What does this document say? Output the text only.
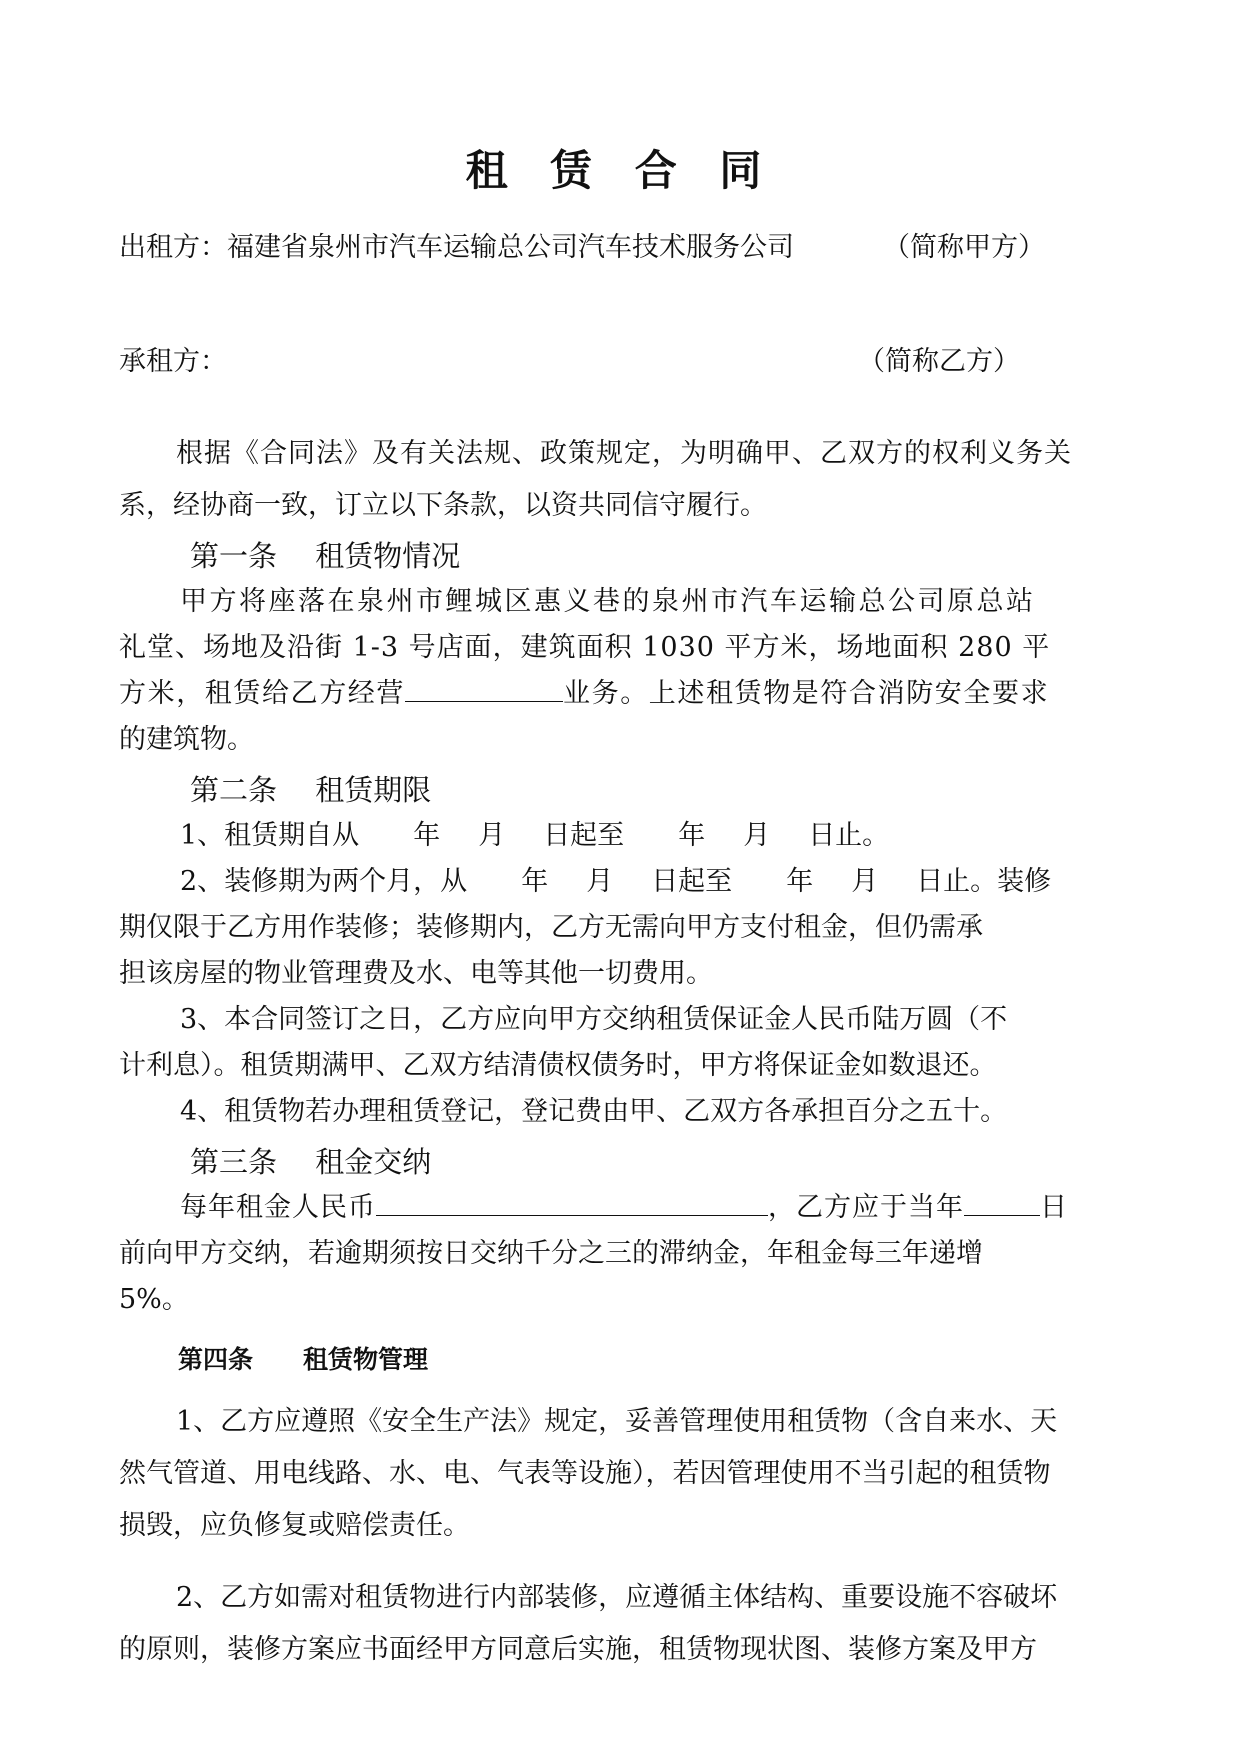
租 赁 合 同
出租方：福建省泉州市汽车运输总公司汽车技术服务公司	（简称甲方）
承租方：	（简称乙方）
根据《合同法》及有关法规、政策规定，为明确甲、乙双方的权利义务关
系，经协商一致，订立以下条款，以资共同信守履行。
第一条　 租赁物情况
甲方将座落在泉州市鲤城区惠义巷的泉州市汽车运输总公司原总站
礼堂、场地及沿街 1-3 号店面，建筑面积 1030 平方米，场地面积 280 平
方米，租赁给乙方经营	业务。上述租赁物是符合消防安全要求
的建筑物。
第二条　 租赁期限
1、租赁期自从 年 月 日起至 年 月 日止。
2、装修期为两个月，从 年 月 日起至 年 月 日止。装修
期仅限于乙方用作装修；装修期内，乙方无需向甲方支付租金，但仍需承
担该房屋的物业管理费及水、电等其他一切费用。
3、本合同签订之日，乙方应向甲方交纳租赁保证金人民币陆万圆（不
计利息）。租赁期满甲、乙双方结清债权债务时，甲方将保证金如数退还。
4、租赁物若办理租赁登记，登记费由甲、乙双方各承担百分之五十。
第三条　 租金交纳
每年租金人民币	，乙方应于当年	日
前向甲方交纳，若逾期须按日交纳千分之三的滞纳金，年租金每三年递增
5%。
第四条　　租赁物管理
1、乙方应遵照《安全生产法》规定，妥善管理使用租赁物（含自来水、天
然气管道、用电线路、水、电、气表等设施），若因管理使用不当引起的租赁物
损毁，应负修复或赔偿责任。
2、乙方如需对租赁物进行内部装修，应遵循主体结构、重要设施不容破坏
的原则，装修方案应书面经甲方同意后实施，租赁物现状图、装修方案及甲方
